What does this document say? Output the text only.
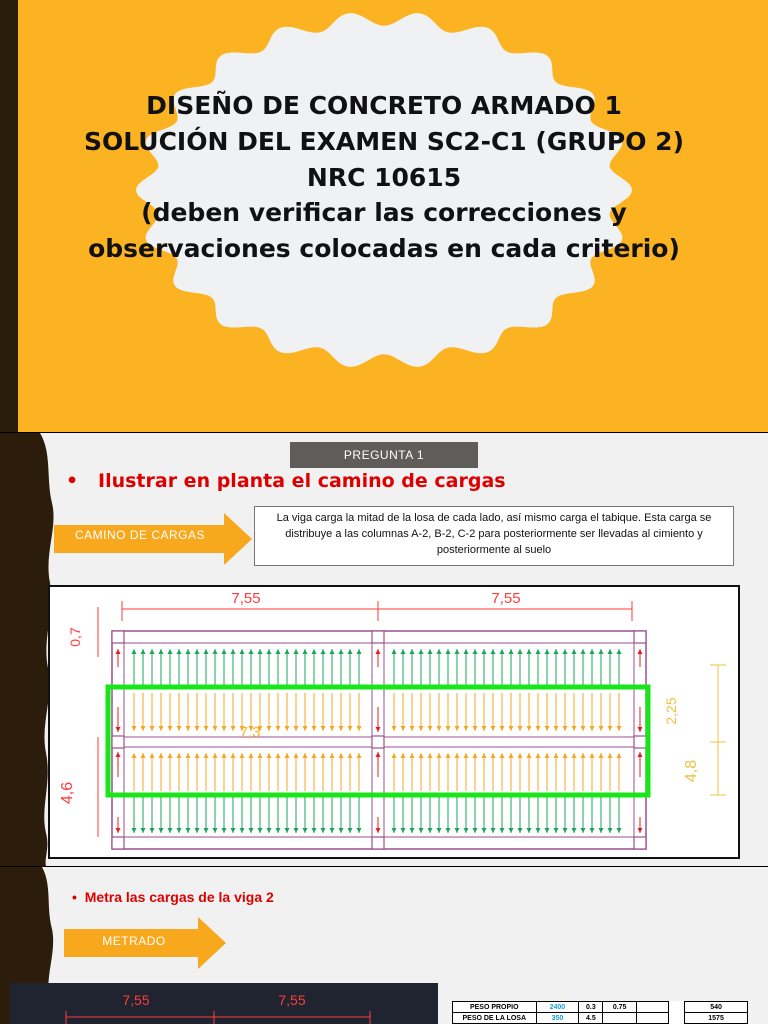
DISEÑO DE CONCRETO ARMADO 1
SOLUCIÓN DEL EXAMEN SC2-C1 (GRUPO 2)
NRC 10615
(deben verificar las correcciones y
observaciones colocadas en cada criterio)
PREGUNTA 1
•   Ilustrar en planta el camino de cargas
CAMINO DE CARGAS
La viga carga la mitad de la losa de cada lado, así mismo carga el tabique. Esta carga se distribuye a las columnas A-2, B-2, C-2 para posteriormente ser llevadas al cimiento y posteriormente al suelo
7,55	7,55
0,7
4,6
7,3
2,25
4,8
•  Metra las cargas de la viga 2
METRADO
7,55	7,55	PESO PROPIO	2400	0.3	0.75			540
PESO DE LA LOSA	350	4.5				1575
